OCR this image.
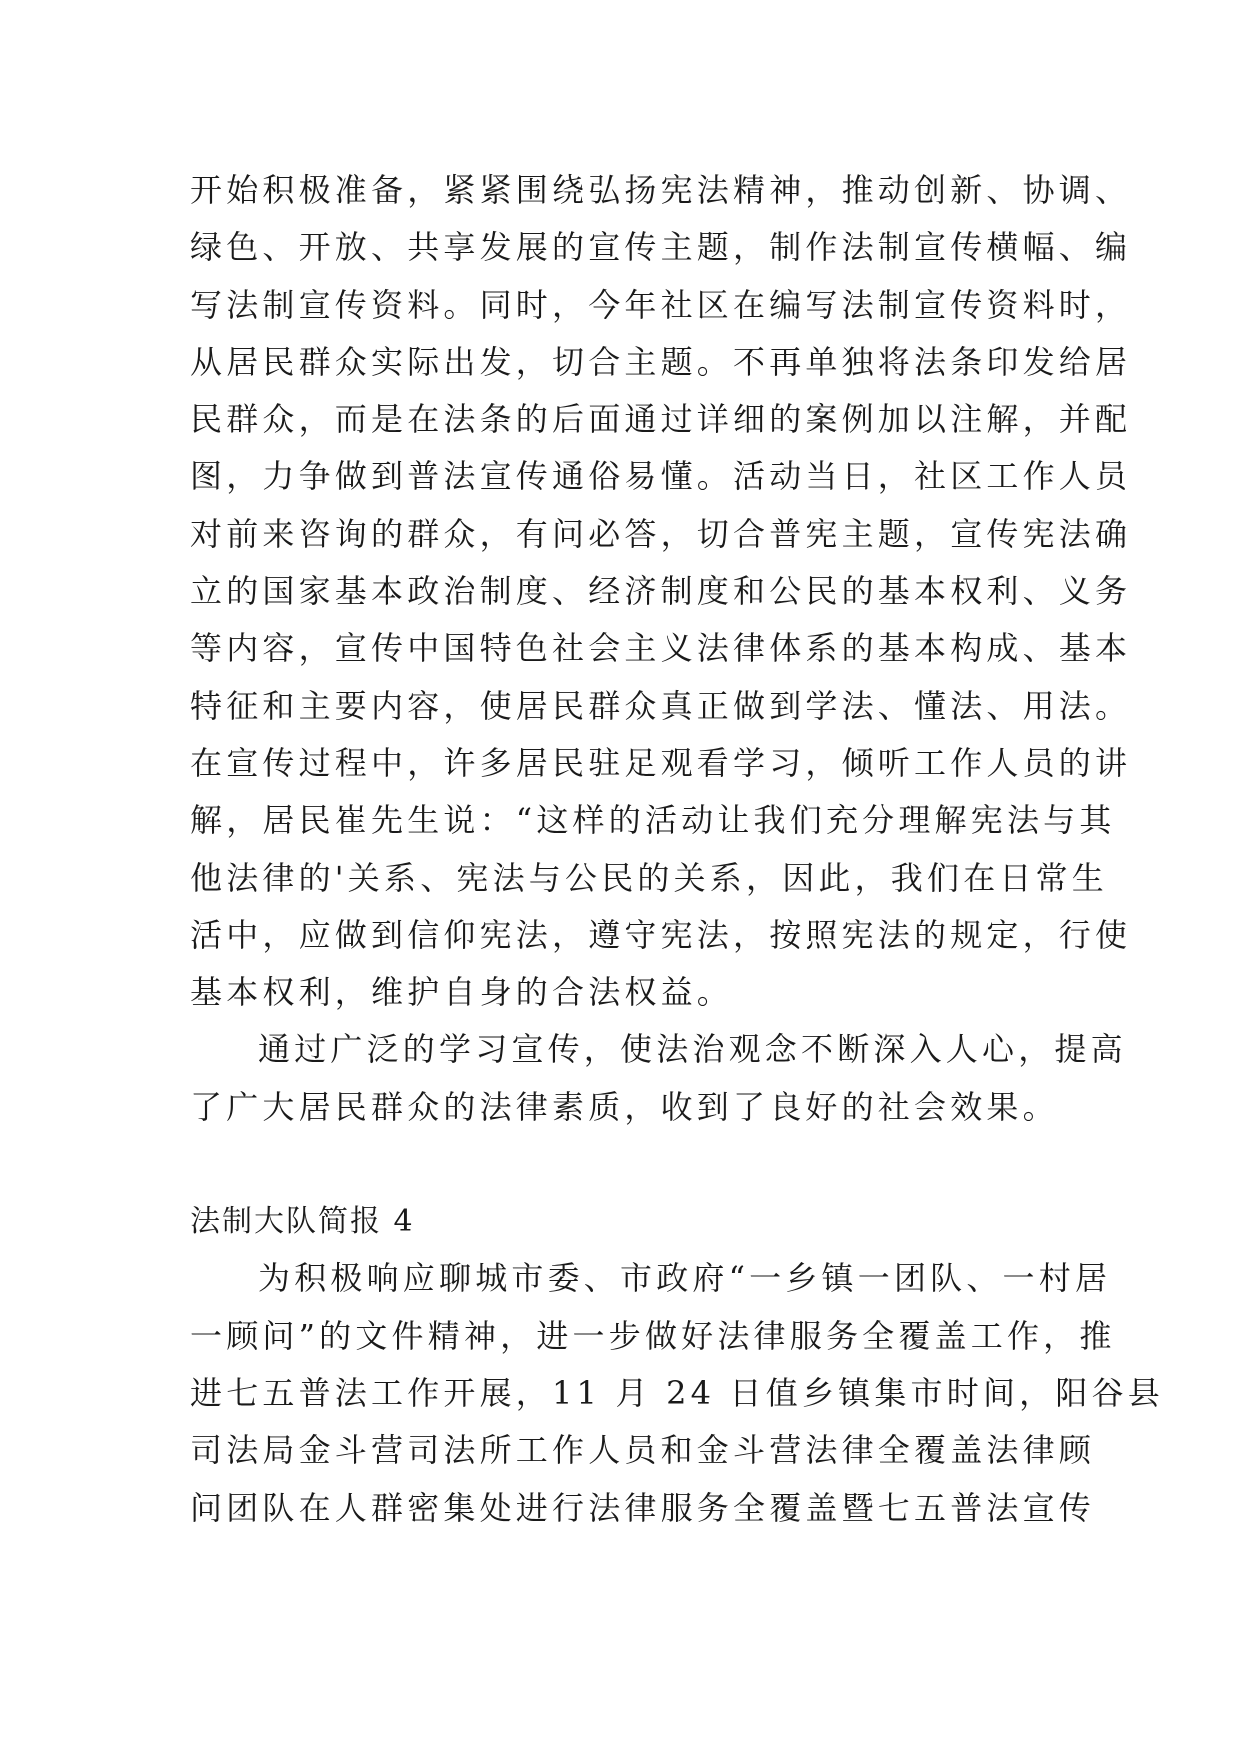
开始积极准备，紧紧围绕弘扬宪法精神，推动创新、协调、
绿色、开放、共享发展的宣传主题，制作法制宣传横幅、编
写法制宣传资料。同时，今年社区在编写法制宣传资料时，
从居民群众实际出发，切合主题。不再单独将法条印发给居
民群众，而是在法条的后面通过详细的案例加以注解，并配
图，力争做到普法宣传通俗易懂。活动当日，社区工作人员
对前来咨询的群众，有问必答，切合普宪主题，宣传宪法确
立的国家基本政治制度、经济制度和公民的基本权利、义务
等内容，宣传中国特色社会主义法律体系的基本构成、基本
特征和主要内容，使居民群众真正做到学法、懂法、用法。
在宣传过程中，许多居民驻足观看学习，倾听工作人员的讲
解，居民崔先生说：“这样的活动让我们充分理解宪法与其
他法律的'关系、宪法与公民的关系，因此，我们在日常生
活中，应做到信仰宪法，遵守宪法，按照宪法的规定，行使
基本权利，维护自身的合法权益。
通过广泛的学习宣传，使法治观念不断深入人心，提高
了广大居民群众的法律素质，收到了良好的社会效果。
法制大队简报 4
为积极响应聊城市委、市政府“一乡镇一团队、一村居
一顾问”的文件精神，进一步做好法律服务全覆盖工作，推
进七五普法工作开展，11 月 24 日值乡镇集市时间，阳谷县
司法局金斗营司法所工作人员和金斗营法律全覆盖法律顾
问团队在人群密集处进行法律服务全覆盖暨七五普法宣传
